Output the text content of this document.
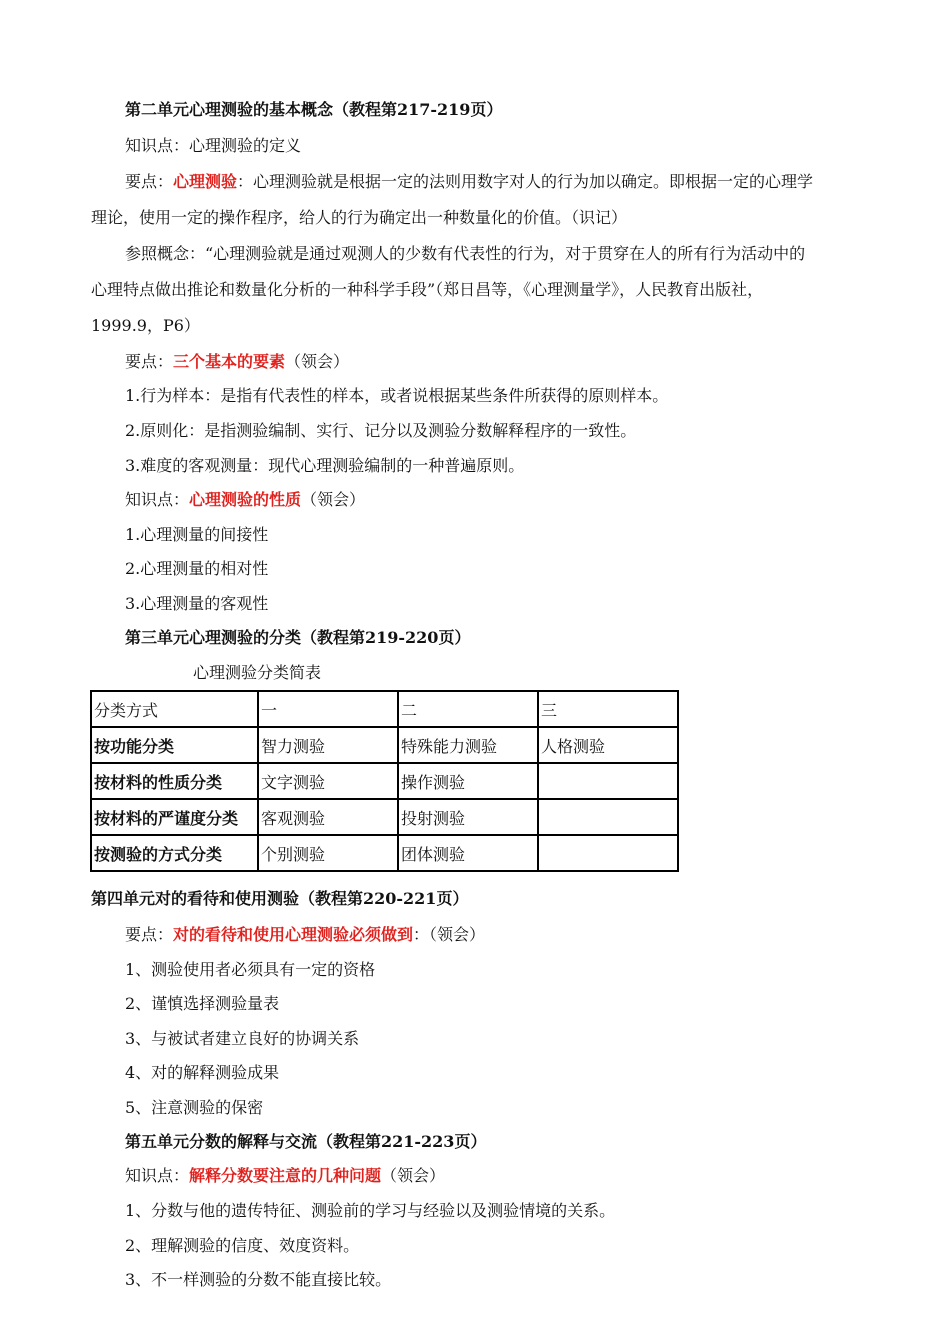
第二单元心理测验的基本概念（教程第217-219页）
知识点：心理测验的定义
要点：心理测验：心理测验就是根据一定的法则用数字对人的行为加以确定。即根据一定的心理学
理论，使用一定的操作程序，给人的行为确定出一种数量化的价值。（识记）
参照概念：“心理测验就是通过观测人的少数有代表性的行为，对于贯穿在人的所有行为活动中的
心理特点做出推论和数量化分析的一种科学手段”（郑日昌等，《心理测量学》，人民教育出版社，
1999.9，P6）
要点：三个基本的要素（领会）
1.行为样本：是指有代表性的样本，或者说根据某些条件所获得的原则样本。
2.原则化：是指测验编制、实行、记分以及测验分数解释程序的一致性。
3.难度的客观测量：现代心理测验编制的一种普遍原则。
知识点：心理测验的性质（领会）
1.心理测量的间接性
2.心理测量的相对性
3.心理测量的客观性
第三单元心理测验的分类（教程第219-220页）
心理测验分类简表
分类方式	一	二	三
按功能分类	智力测验	特殊能力测验	人格测验
按材料的性质分类	文字测验	操作测验	
按材料的严谨度分类	客观测验	投射测验	
按测验的方式分类	个别测验	团体测验	
第四单元对的看待和使用测验（教程第220-221页）
要点：对的看待和使用心理测验必须做到：（领会）
1、测验使用者必须具有一定的资格
2、谨慎选择测验量表
3、与被试者建立良好的协调关系
4、对的解释测验成果
5、注意测验的保密
第五单元分数的解释与交流（教程第221-223页）
知识点：解释分数要注意的几种问题（领会）
1、分数与他的遗传特征、测验前的学习与经验以及测验情境的关系。
2、理解测验的信度、效度资料。
3、不一样测验的分数不能直接比较。
